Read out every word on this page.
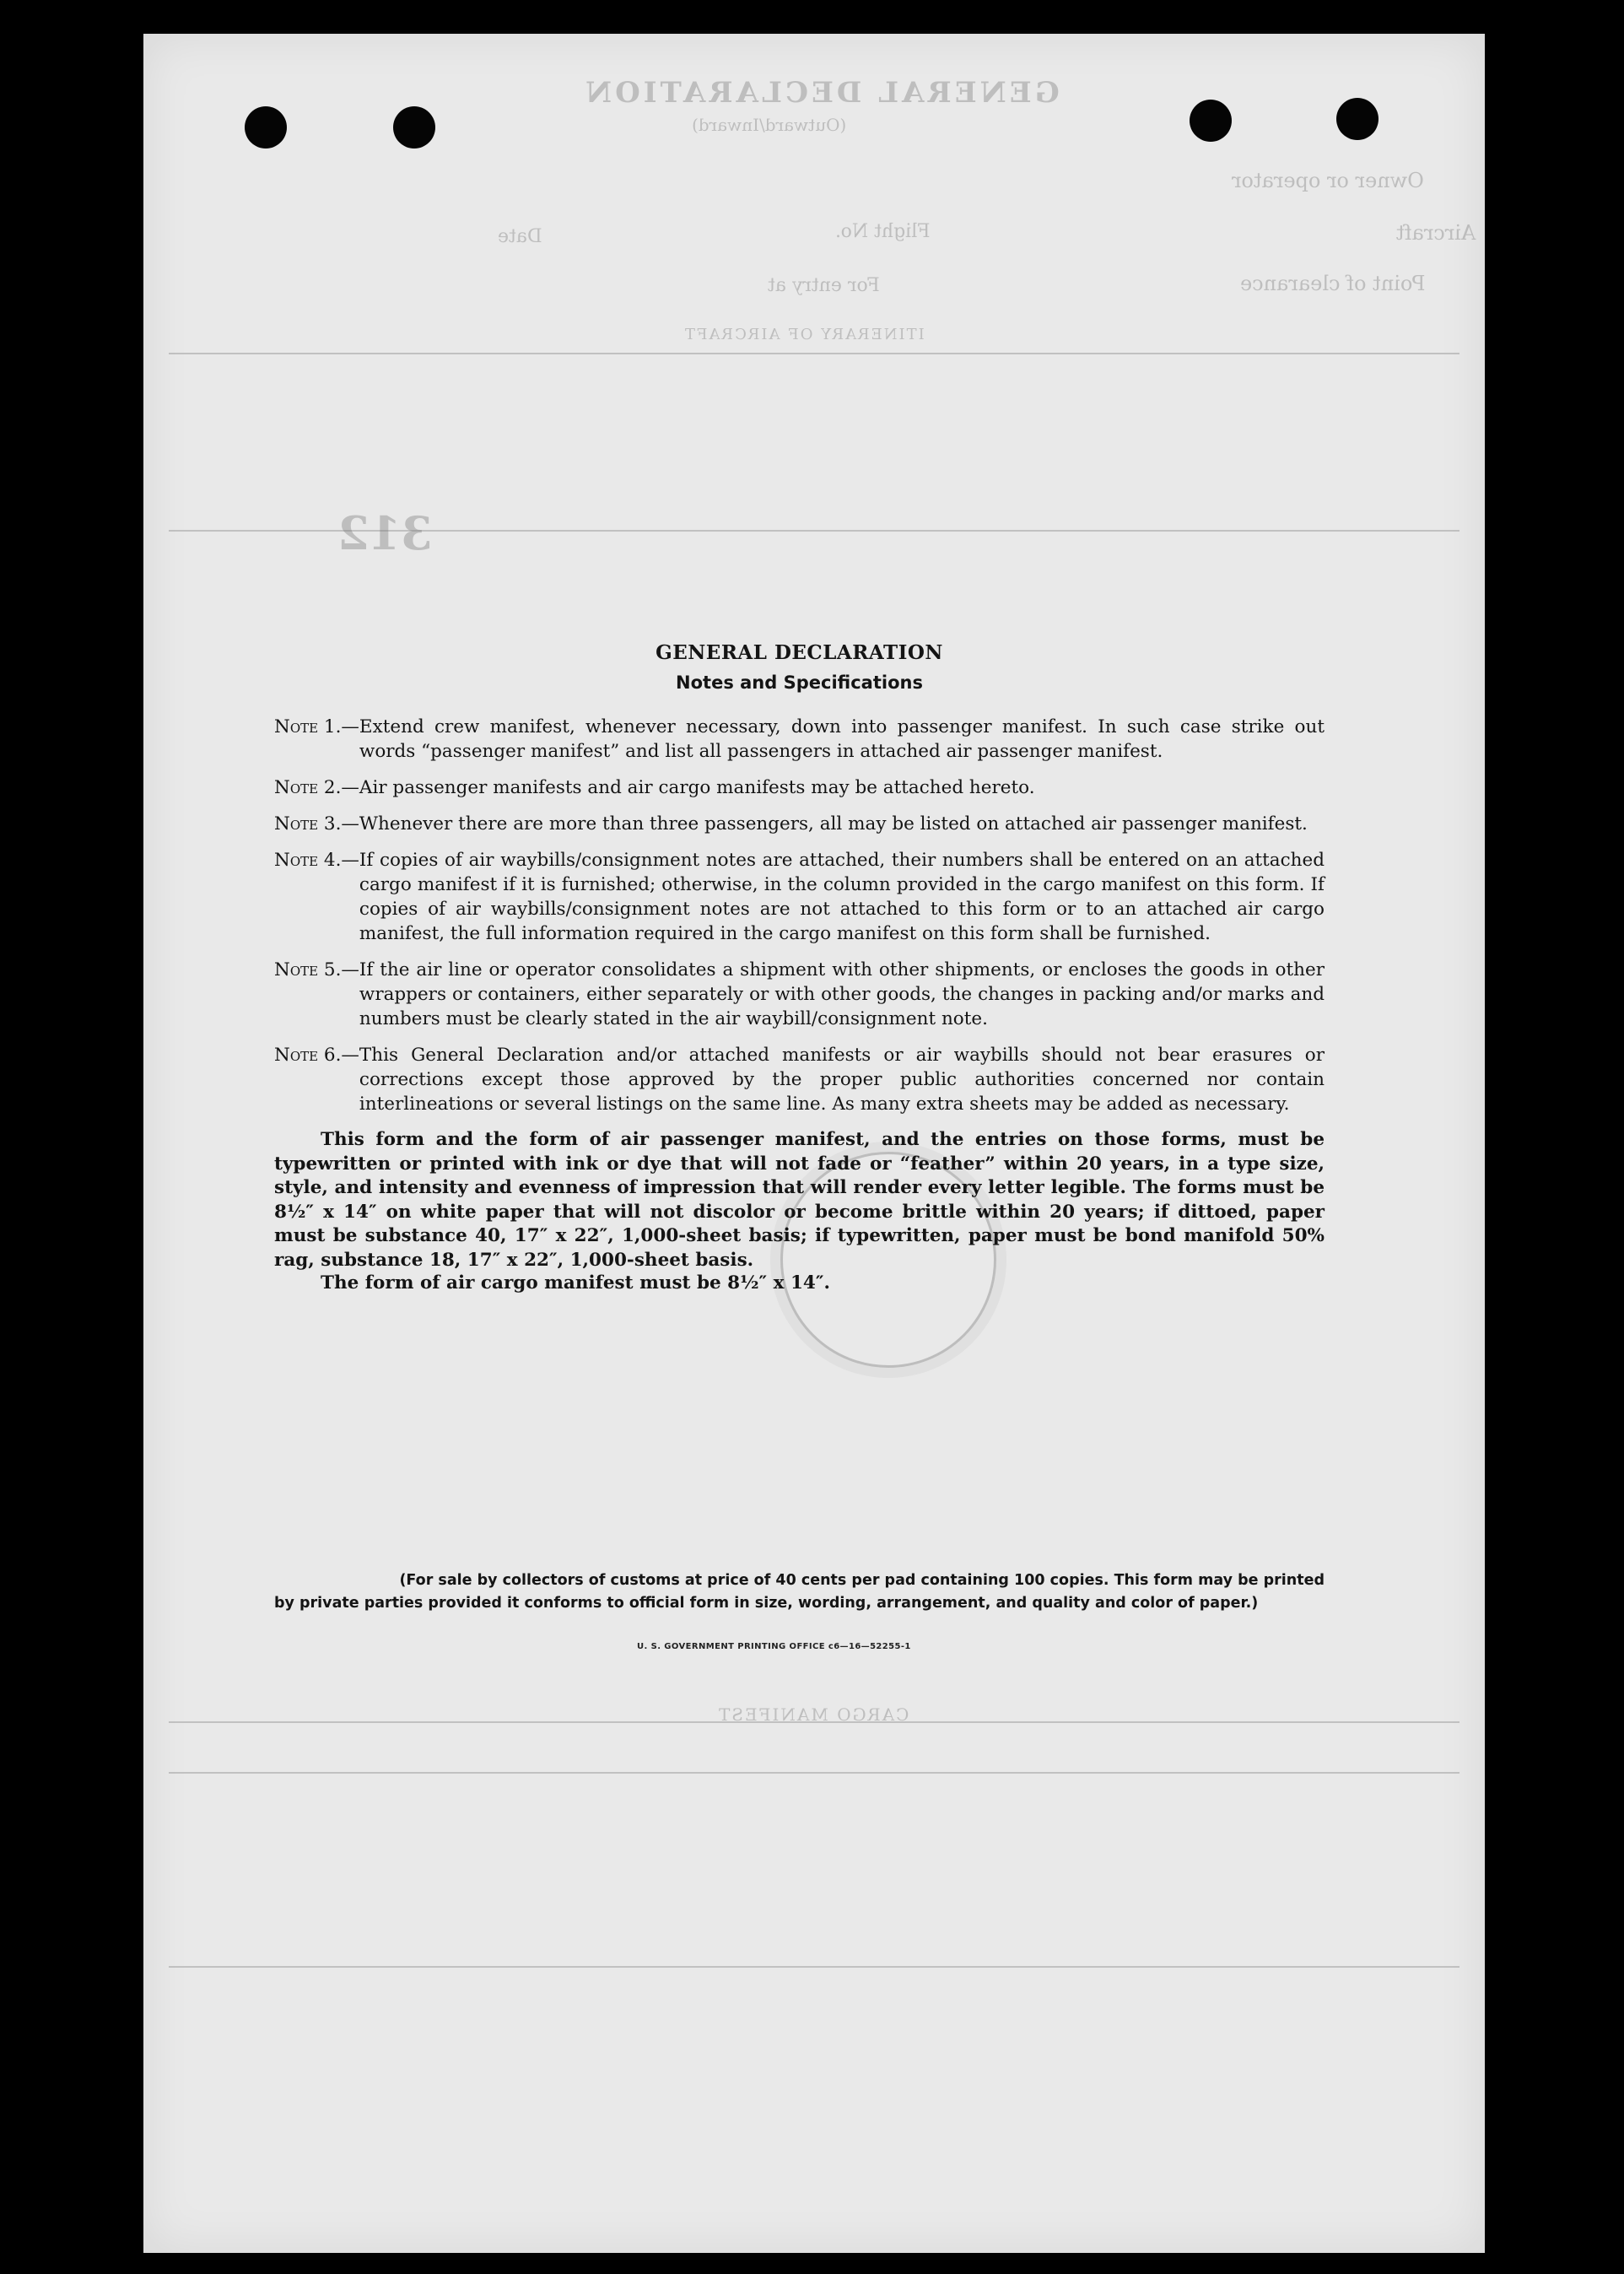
GENERAL DECLARATION
(Outward/Inward)
Owner or operator
Aircraft
Flight No.
Date
Point of clearance
For entry at
ITINERARY OF AIRCRAFT
312
CARGO MANIFEST
GENERAL DECLARATION
Notes and Specifications
Note 1.— Extend crew manifest, whenever necessary, down into passenger manifest. In such case strike out words “passenger manifest” and list all passengers in attached air passenger manifest.
Note 2.— Air passenger manifests and air cargo manifests may be attached hereto.
Note 3.— Whenever there are more than three passengers, all may be listed on attached air passenger manifest.
Note 4.— If copies of air waybills/consignment notes are attached, their numbers shall be entered on an attached cargo manifest if it is furnished; otherwise, in the column provided in the cargo manifest on this form. If copies of air waybills/consignment notes are not attached to this form or to an attached air cargo manifest, the full information required in the cargo manifest on this form shall be furnished.
Note 5.— If the air line or operator consolidates a shipment with other shipments, or encloses the goods in other wrappers or containers, either separately or with other goods, the changes in packing and/or marks and numbers must be clearly stated in the air waybill/consignment note.
Note 6.— This General Declaration and/or attached manifests or air waybills should not bear erasures or corrections except those approved by the proper public authorities concerned nor contain interlineations or several listings on the same line. As many extra sheets may be added as necessary.
This form and the form of air passenger manifest, and the entries on those forms, must be typewritten or printed with ink or dye that will not fade or “feather” within 20 years, in a type size, style, and intensity and evenness of impression that will render every letter legible. The forms must be 8½″ x 14″ on white paper that will not discolor or become brittle within 20 years; if dittoed, paper must be substance 40, 17″ x 22″, 1,000-sheet basis; if typewritten, paper must be bond manifold 50% rag, substance 18, 17″ x 22″, 1,000-sheet basis.
The form of air cargo manifest must be 8½″ x 14″.
(For sale by collectors of customs at price of 40 cents per pad containing 100 copies. This form may be printed
by private parties provided it conforms to official form in size, wording, arrangement, and quality and color of paper.)
U. S. GOVERNMENT PRINTING OFFICE c6—16—52255-1
